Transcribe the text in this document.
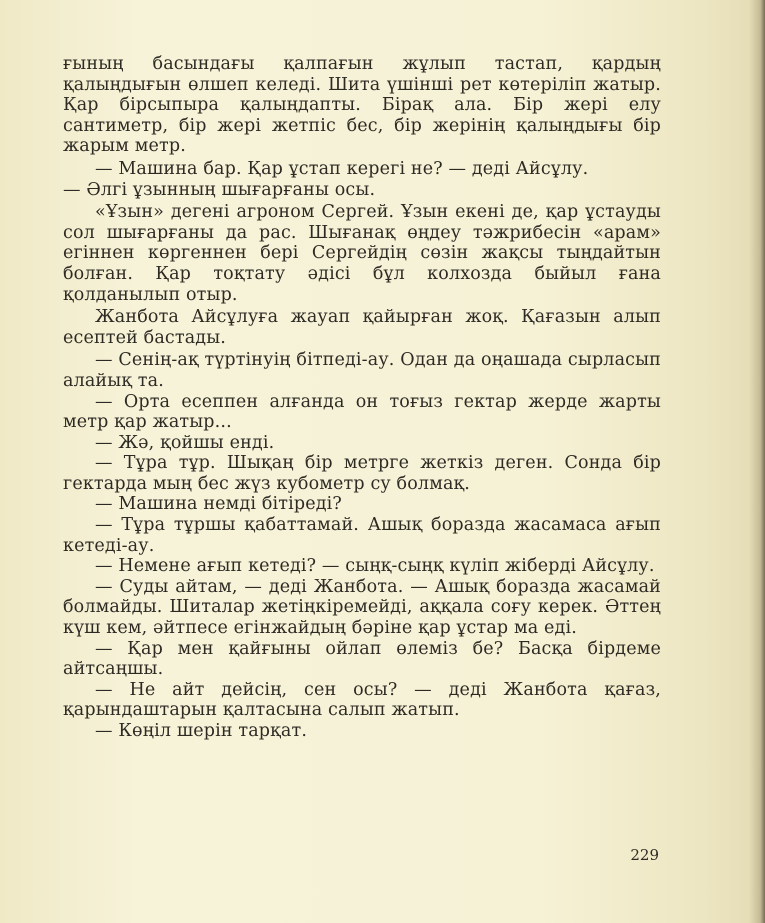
ғының басындағы қалпағын жұлып тастап, қардың қалыңдығын өлшеп келеді. Шита үшінші рет көтеріліп жатыр. Қар бірсыпыра қалыңдапты. Бірақ ала. Бір жері елу сантиметр, бір жері жетпіс бес, бір жерінің қалыңдығы бір жарым метр.

— Машина бар. Қар ұстап керегі не? — деді Айсұлу.

— Әлгі ұзынның шығарғаны осы.

«Ұзын» дегені агроном Сергей. Ұзын екені де, қар ұстауды сол шығарғаны да рас. Шығанақ өңдеу тәжрибесін «арам» егіннен көргеннен бері Сергейдің сөзін жақсы тыңдайтын болған. Қар тоқтату әдісі бұл колхозда быйыл ғана қолданылып отыр.

Жанбота Айсұлуға жауап қайырған жоқ. Қағазын алып есептей бастады.

— Сенің-ақ түртінуің бітпеді-ау. Одан да оңашада сырласып алайық та.

— Орта есеппен алғанда он тоғыз гектар жерде жарты метр қар жатыр...

— Жә, қойшы енді.

— Тұра тұр. Шықаң бір метрге жеткіз деген. Сонда бір гектарда мың бес жүз кубометр су болмақ.

— Машина немді бітіреді?

— Тұра тұршы қабаттамай. Ашық боразда жасамаса ағып кетеді-ау.

— Немене ағып кетеді? — сыңқ-сыңқ күліп жіберді Айсұлу.

— Суды айтам, — деді Жанбота. — Ашық боразда жасамай болмайды. Шиталар жетіңкіремейді, аққала соғу керек. Әттең күш кем, әйтпесе егінжайдың бәріне қар ұстар ма еді.

— Қар мен қайғыны ойлап өлеміз бе? Басқа бірдеме айтсаңшы.

— Не айт дейсің, сен осы? — деді Жанбота қағаз, қарындаштарын қалтасына салып жатып.

— Көңіл шерін тарқат.

229
